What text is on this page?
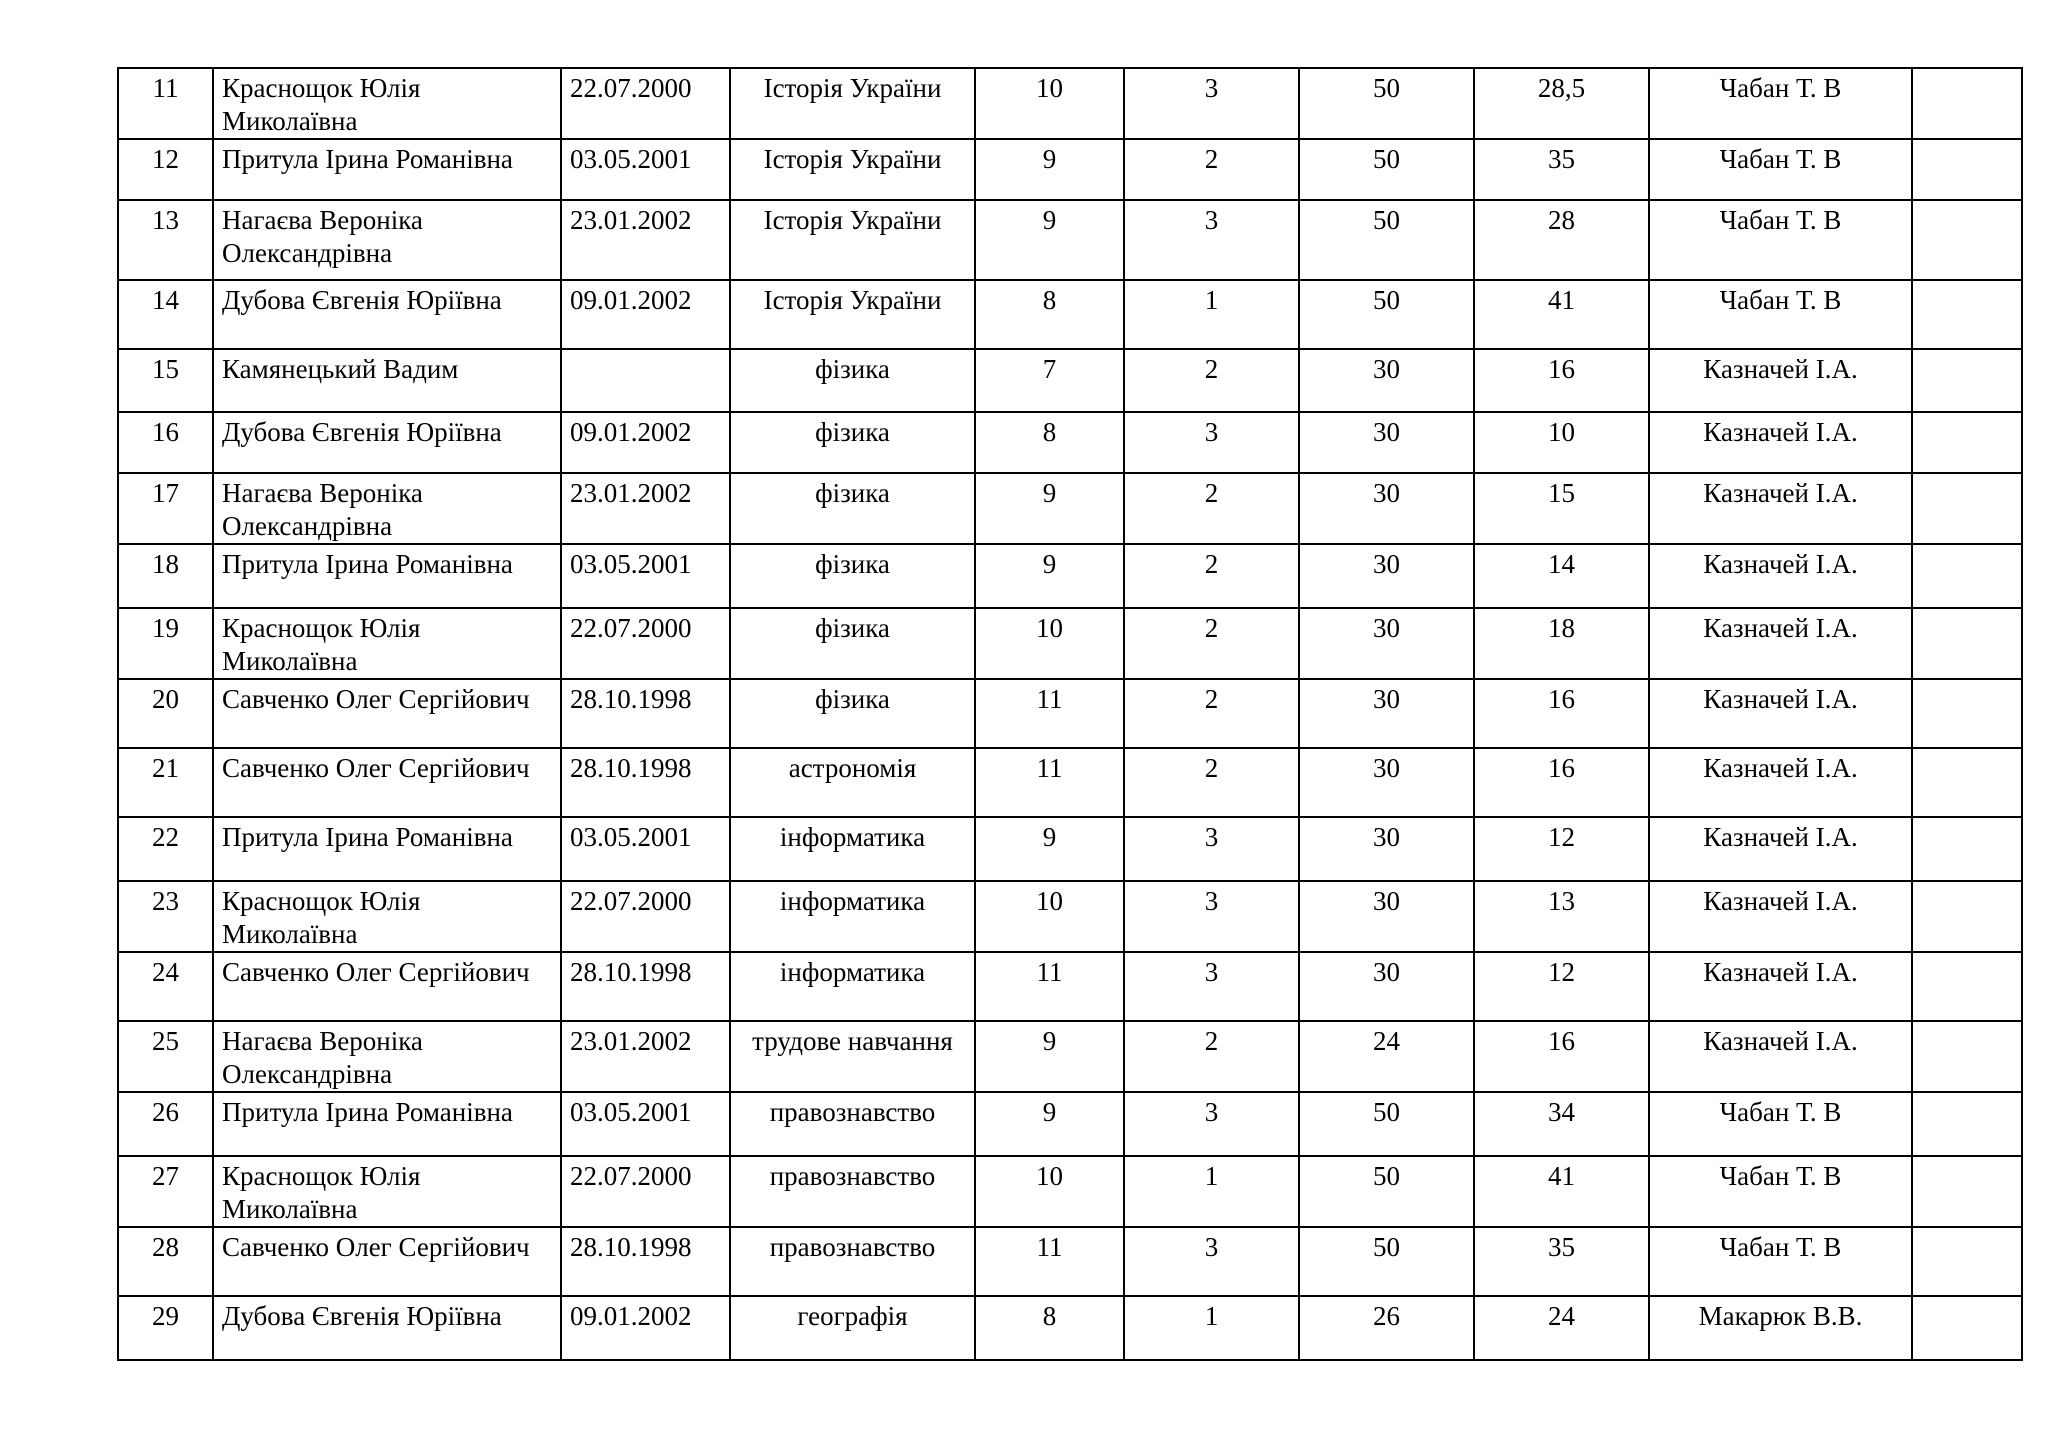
11	Краснощок Юлія Миколаївна	22.07.2000	Історія України	10	3	50	28,5	Чабан Т. В	
12	Притула Ірина Романівна	03.05.2001	Історія України	9	2	50	35	Чабан Т. В	
13	Нагаєва Вероніка Олександрівна	23.01.2002	Історія України	9	3	50	28	Чабан Т. В	
14	Дубова Євгенія Юріївна	09.01.2002	Історія України	8	1	50	41	Чабан Т. В	
15	Камянецький Вадим		фізика	7	2	30	16	Казначей І.А.	
16	Дубова Євгенія Юріївна	09.01.2002	фізика	8	3	30	10	Казначей І.А.	
17	Нагаєва Вероніка Олександрівна	23.01.2002	фізика	9	2	30	15	Казначей І.А.	
18	Притула Ірина Романівна	03.05.2001	фізика	9	2	30	14	Казначей І.А.	
19	Краснощок Юлія Миколаївна	22.07.2000	фізика	10	2	30	18	Казначей І.А.	
20	Савченко Олег Сергійович	28.10.1998	фізика	11	2	30	16	Казначей І.А.	
21	Савченко Олег Сергійович	28.10.1998	астрономія	11	2	30	16	Казначей І.А.	
22	Притула Ірина Романівна	03.05.2001	інформатика	9	3	30	12	Казначей І.А.	
23	Краснощок Юлія Миколаївна	22.07.2000	інформатика	10	3	30	13	Казначей І.А.	
24	Савченко Олег Сергійович	28.10.1998	інформатика	11	3	30	12	Казначей І.А.	
25	Нагаєва Вероніка Олександрівна	23.01.2002	трудове навчання	9	2	24	16	Казначей І.А.	
26	Притула Ірина Романівна	03.05.2001	правознавство	9	3	50	34	Чабан Т. В	
27	Краснощок Юлія Миколаївна	22.07.2000	правознавство	10	1	50	41	Чабан Т. В	
28	Савченко Олег Сергійович	28.10.1998	правознавство	11	3	50	35	Чабан Т. В	
29	Дубова Євгенія Юріївна	09.01.2002	географія	8	1	26	24	Макарюк В.В.	
